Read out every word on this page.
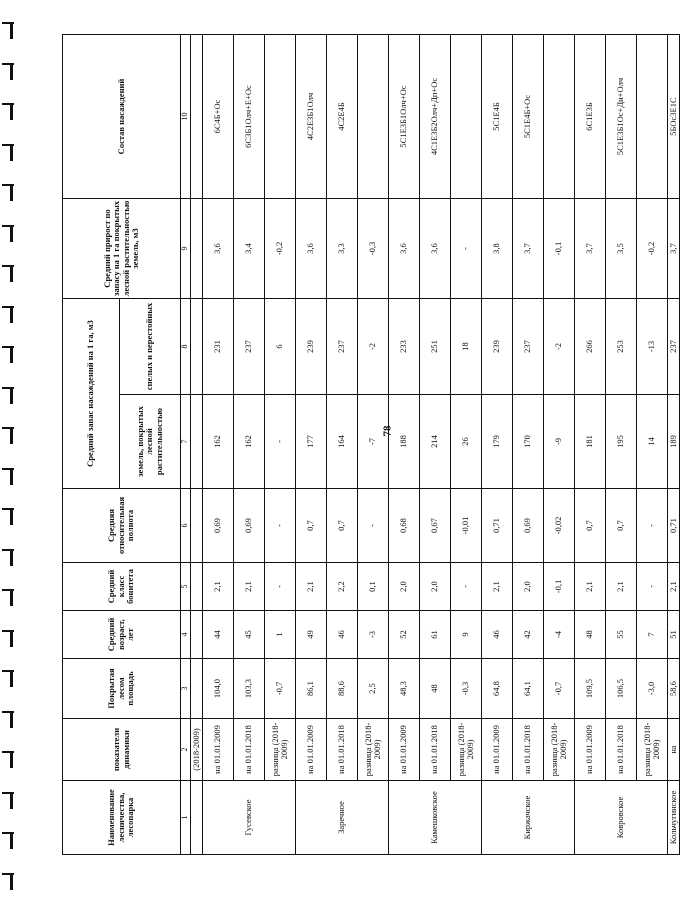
Наименование лесничества, лесопарка	показатели динамики	Покрытая лесом площадь	Средний возраст, лет	Средний класс бонитета	Средняя относительная полнота	Средний запас насаждений на 1 га, м3		Средний прирост по запасу на 1 га покрытых лесной растительностью земель, м3	Состав насаждений
						земель, покрытых лесной растительностью	спелых и перестойных		
1	2	3	4	5	6	7	8	9	10
	(2018-2009)								
Гусевское	на 01.01.2009	104,0	44	2,1	0,69	162	231	3,6	6С4Б+Ос
	на 01.01.2018	103,3	45	2,1	0,69	162	237	3,4	6С3Б1Олч+Е+Ос
	разница (2018-2009)	-0,7	1	-	-	-	6	-0,2	
Заречное	на 01.01.2009	86,1	49	2,1	0,7	177	239	3,6	4С2Е3Б1Олч
	на 01.01.2018	88,6	46	2,2	0,7	164	237	3,3	4С2Е4Б
	разница (2018-2009)	2,5	-3	0,1	-	-7	-2	-0,3	
Камешковское	на 01.01.2009	48,3	52	2,0	0,68	188	233	3,6	5С1Е3Б1Олч+Ос
	на 01.01.2018	48	61	2,0	0,67	214	251	3,6	4С1Е3Б2Олч+Дп+Ос
	разница (2018-2009)	-0,3	9	-	-0,01	26	18	-	
Киржачское	на 01.01.2009	64,8	46	2,1	0,71	179	239	3,8	5С1Е4Б
	на 01.01.2018	64,1	42	2,0	0,69	170	237	3,7	5С1Е4Б+Ос
	разница (2018-2009)	-0,7	-4	-0,1	-0,02	-9	-2	-0,1	
Ковровское	на 01.01.2009	109,5	48	2,1	0,7	181	266	3,7	6С1Е3Б
	на 01.01.2018	106,5	55	2,1	0,7	195	253	3,5	5С1Е3Б1Ос+Дн+Олч
	разница (2018-2009)	-3,0	7	-	-	14	-13	-0,2	
Кольчугинское	на	58,6	51	2,1	0,71	189	237	3,7	5БОс3Е1С
78
